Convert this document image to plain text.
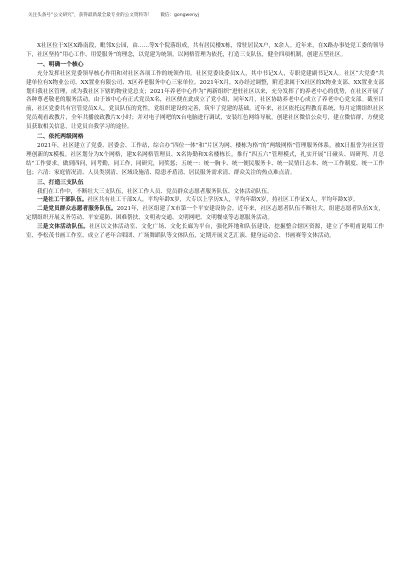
关注头条号“公文研究”，获得最新最全最专业的公文资料等！ 微信：gongwenyj

X社区位于X区X路南段，毗邻X公园，由……等X个院落组成，共有居民楼X栋，常驻居民X户，X余人。近年来，在X路办事处党工委的领导下，社区坚持“用心工作、用爱服务”的理念，以党建为统领，以网格管理为依托，打造三支队伍，健全四项机制，创建五型社区。

一、明确一个核心

充分发挥社区党委领导核心作用和对社区各项工作的统领作用。社区党委设委员X人，其中书记X人，专职党建副书记X人。社区“大党委”共建单位有X物业公司、XX置业有限公司、X区养老服务中心三家单位。2021年X月，X办经过调整，附近隶属于X社区的X物业支部、XX置业支部划归我社区管理，成为我社区下辖的物业党总支；2021年养老中心作为“两新组织”进驻社区以来，充分发挥了的养老中心的优势，在社区开展了各种尊老敬老的服务活动。由于该中心有正式党员X名，社区便在此成立了党小组，同年X月，社区协助养老中心成立了养老中心党支部。截至目前，社区党委共有官管党员X人，党员队伍的党性，党组织建设的完善，筑牢了党建的基础。近年来，社区依托远程教育系统，每月定期组织社区党员观看政教片，全年共播放政教片X小时；并对电子网吧的X台电脑进行调试，安装红色网络导航，创建社区微信公众号，建立微信群，方便党员获取相关信息，让党员自我学习的途径。

二、依托两级网格

2021年，社区建立了党委、居委会、工作站，综合办“四位一体”和“片区为网、楼栋为格”的“两级网格”管理服务体系，被X日报誉为社区管理创新的X模板。社区划分为X个网格，建X名网格管理员、X名协勤和X名楼栋长，推行“四五六”管理模式，扎实开展“日碰头、周研判、月总结”工作要求，做到四问，同考勤，同工作，同研究，同奖惩；五统一：统一胸卡、统一便民服务卡、统一民情日志本、统一工作制度、统一工作包；六清：家庭情况清、人员类别清、区域设施清、隐患矛盾清、居民服务需求清、群众关注的热点难点清。

三、打造三支队伍

我们在工作中，不断壮大三支队伍，社区工作人员、党员群众志愿者服务队伍、文体活动队伍。

一是社工干部队伍。社区共有社工干部X人，平均年龄X岁，大专以上学历X人，平均年龄X岁，持社区工作证X人，平均年龄X岁。

二是党员群众志愿者服务队伍。2021年，社区组建了X市第一个平安建设协会，近年来，社区志愿者队伍不断壮大，组建志愿者队伍X支，定期组织开展义务劳动、平安巡防、困难帮扶、文明劝交通、文明网吧、文明餐桌等志愿服务活动。

三是文体活动队伍。社区以文体活动室、文化广场、文化长廊为平台，强化阵地和队伍建设，挖掘整合辖区资源，建立了李明甫说唱工作室、李松茂书画工作室、成立了老年合唱团、广场舞蹈队等文体队伍，定期开展文艺汇演、健身运动会、书画赛等文体活动。
